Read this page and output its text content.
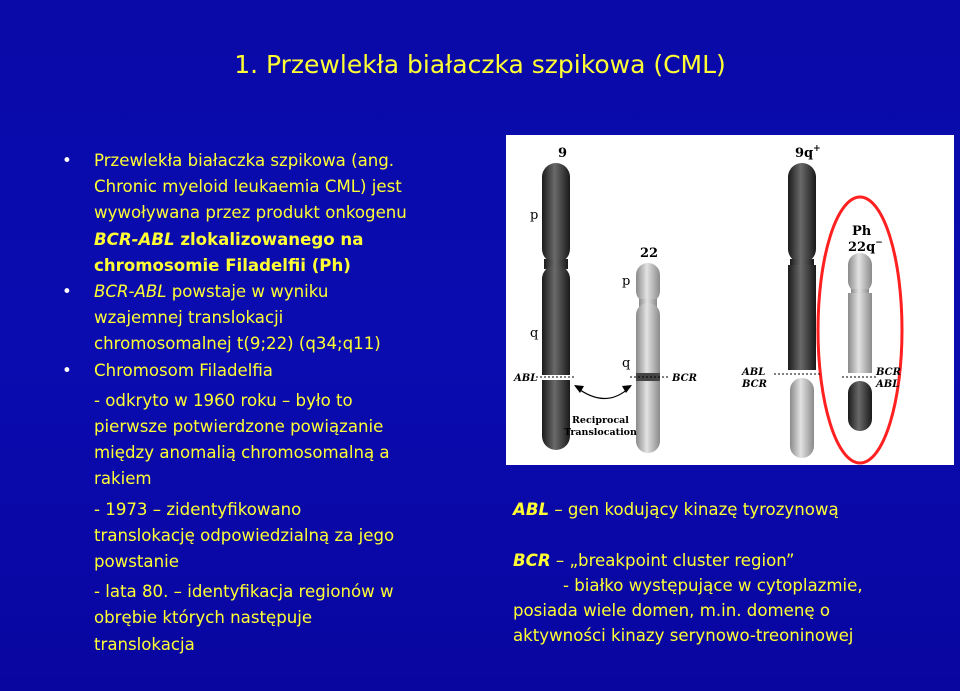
1. Przewlekła białaczka szpikowa (CML)
• Przewlekła białaczka szpikowa (ang.
Chronic myeloid leukaemia CML) jest
wywoływana przez produkt onkogenu
BCR-ABL zlokalizowanego na
chromosomie Filadelfii (Ph)
• BCR-ABL powstaje w wyniku
wzajemnej translokacji
chromosomalnej t(9;22) (q34;q11)
• Chromosom Filadelfia
- odkryto w 1960 roku – było to
pierwsze potwierdzone powiązanie
między anomalią chromosomalną a
rakiem
- 1973 – zidentyfikowano
translokację odpowiedzialną za jego
powstanie
- lata 80. – identyfikacja regionów w
obrębie których następuje
translokacja
9	9q+
22
Ph
22q−
p
q
p
q
ABL	BCR
ABL
BCR
BCR
ABL
Reciprocal
Translocation
ABL – gen kodujący kinazę tyrozynową
BCR – „breakpoint cluster region”
- białko występujące w cytoplazmie,
posiada wiele domen, m.in. domenę o
aktywności kinazy serynowo-treoninowej
